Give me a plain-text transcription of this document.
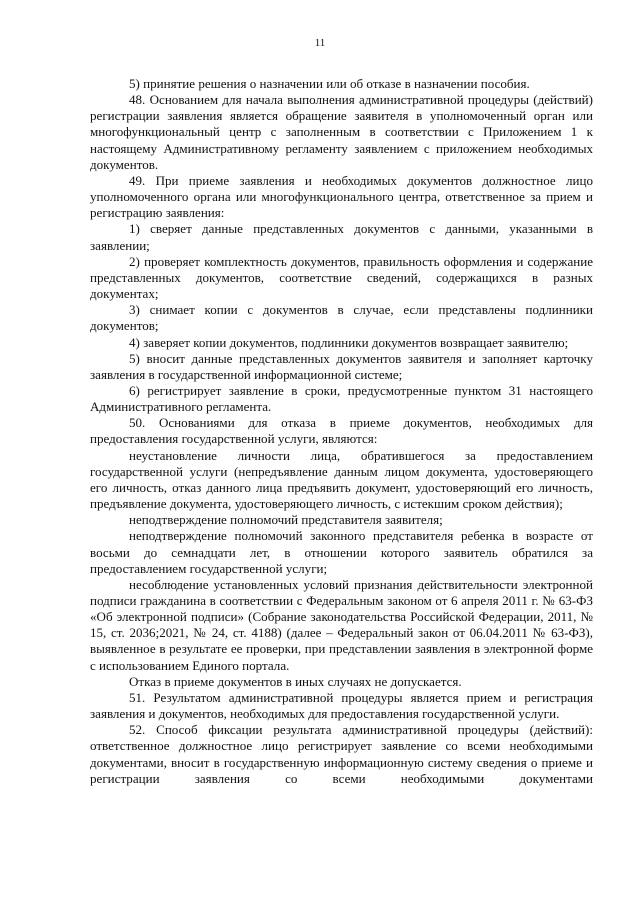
11

5) принятие решения о назначении или об отказе в назначении пособия.

48. Основанием для начала выполнения административной процедуры (действий) регистрации заявления является обращение заявителя в уполномоченный орган или многофункциональный центр с заполненным в соответствии с Приложением 1 к настоящему Административному регламенту заявлением с приложением необходимых документов.

49. При приеме заявления и необходимых документов должностное лицо уполномоченного органа или многофункционального центра, ответственное за прием и регистрацию заявления:

1) сверяет данные представленных документов с данными, указанными в заявлении;

2) проверяет комплектность документов, правильность оформления и содержание представленных документов, соответствие сведений, содержащихся в разных документах;

3) снимает копии с документов в случае, если представлены подлинники документов;

4) заверяет копии документов, подлинники документов возвращает заявителю;

5) вносит данные представленных документов заявителя и заполняет карточку заявления в государственной информационной системе;

6) регистрирует заявление в сроки, предусмотренные пунктом 31 настоящего Административного регламента.

50. Основаниями для отказа в приеме документов, необходимых для предоставления государственной услуги, являются:

неустановление личности лица, обратившегося за предоставлением государственной услуги (непредъявление данным лицом документа, удостоверяющего его личность, отказ данного лица предъявить документ, удостоверяющий его личность, предъявление документа, удостоверяющего личность, с истекшим сроком действия);

неподтверждение полномочий представителя заявителя;

неподтверждение полномочий законного представителя ребенка в возрасте от восьми до семнадцати лет, в отношении которого заявитель обратился за предоставлением государственной услуги;

несоблюдение установленных условий признания действительности электронной подписи гражданина в соответствии с Федеральным законом от 6 апреля 2011 г. № 63-ФЗ «Об электронной подписи» (Собрание законодательства Российской Федерации, 2011, № 15, ст. 2036;2021, № 24, ст. 4188) (далее – Федеральный закон от 06.04.2011 № 63-ФЗ), выявленное в результате ее проверки, при представлении заявления в электронной форме с использованием Единого портала.

Отказ в приеме документов в иных случаях не допускается.

51. Результатом административной процедуры является прием и регистрация заявления и документов, необходимых для предоставления государственной услуги.

52. Способ фиксации результата административной процедуры (действий): ответственное должностное лицо регистрирует заявление со всеми необходимыми документами, вносит в государственную информационную систему сведения о приеме и регистрации заявления со всеми необходимыми документами
